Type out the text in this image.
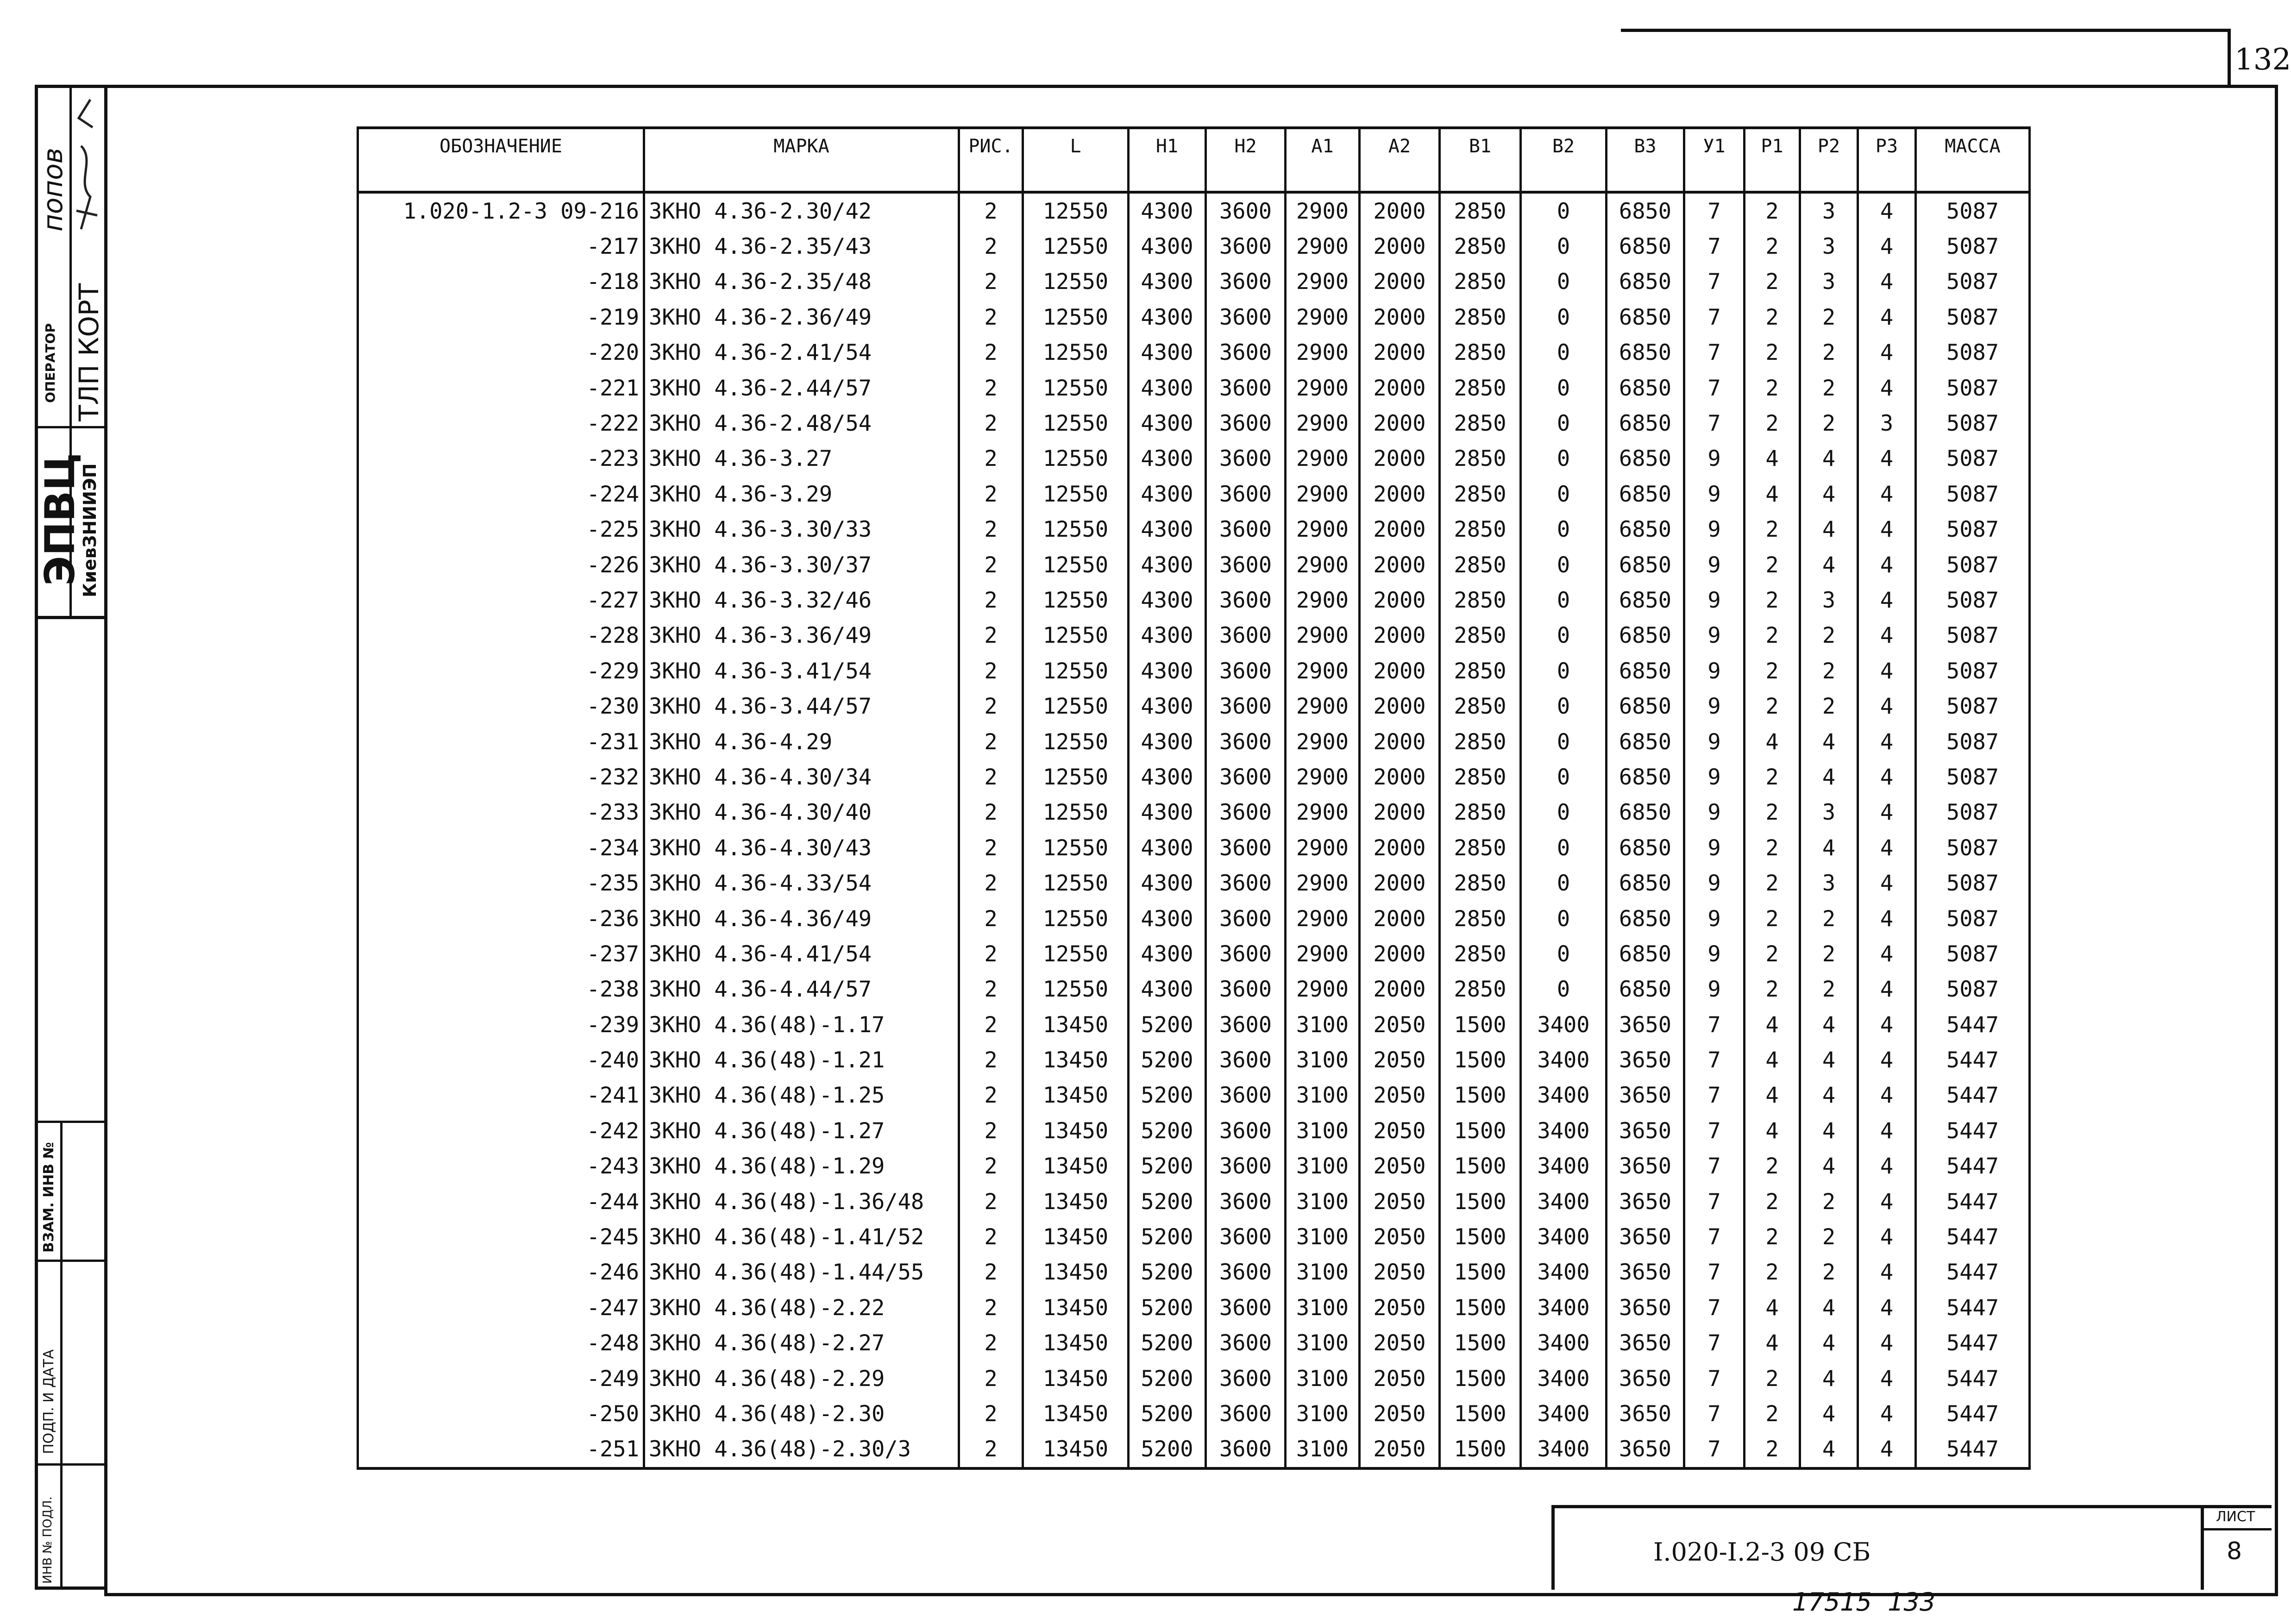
132
попов
ОПЕРАТОР ТЛП КОРТ
ЭПВЦ
КиевЗНИИЭП
ВЗАМ. ИНВ №
ПОДП. И ДАТА
ИНВ № ПОДЛ.
ОБОЗНАЧЕНИЕ	МАРКА	РИС.	L	H1	H2	A1	A2	B1	B2	B3	У1	P1	P2	P3	МАССА
1.020-1.2-3 09-216	ЗКНО 4.36-2.30/42	2	12550	4300	3600	2900	2000	2850	0	6850	7	2	3	4	5087
-217	ЗКНО 4.36-2.35/43	2	12550	4300	3600	2900	2000	2850	0	6850	7	2	3	4	5087
-218	ЗКНО 4.36-2.35/48	2	12550	4300	3600	2900	2000	2850	0	6850	7	2	3	4	5087
-219	ЗКНО 4.36-2.36/49	2	12550	4300	3600	2900	2000	2850	0	6850	7	2	2	4	5087
-220	ЗКНО 4.36-2.41/54	2	12550	4300	3600	2900	2000	2850	0	6850	7	2	2	4	5087
-221	ЗКНО 4.36-2.44/57	2	12550	4300	3600	2900	2000	2850	0	6850	7	2	2	4	5087
-222	ЗКНО 4.36-2.48/54	2	12550	4300	3600	2900	2000	2850	0	6850	7	2	2	3	5087
-223	ЗКНО 4.36-3.27	2	12550	4300	3600	2900	2000	2850	0	6850	9	4	4	4	5087
-224	ЗКНО 4.36-3.29	2	12550	4300	3600	2900	2000	2850	0	6850	9	4	4	4	5087
-225	ЗКНО 4.36-3.30/33	2	12550	4300	3600	2900	2000	2850	0	6850	9	2	4	4	5087
-226	ЗКНО 4.36-3.30/37	2	12550	4300	3600	2900	2000	2850	0	6850	9	2	4	4	5087
-227	ЗКНО 4.36-3.32/46	2	12550	4300	3600	2900	2000	2850	0	6850	9	2	3	4	5087
-228	ЗКНО 4.36-3.36/49	2	12550	4300	3600	2900	2000	2850	0	6850	9	2	2	4	5087
-229	ЗКНО 4.36-3.41/54	2	12550	4300	3600	2900	2000	2850	0	6850	9	2	2	4	5087
-230	ЗКНО 4.36-3.44/57	2	12550	4300	3600	2900	2000	2850	0	6850	9	2	2	4	5087
-231	ЗКНО 4.36-4.29	2	12550	4300	3600	2900	2000	2850	0	6850	9	4	4	4	5087
-232	ЗКНО 4.36-4.30/34	2	12550	4300	3600	2900	2000	2850	0	6850	9	2	4	4	5087
-233	ЗКНО 4.36-4.30/40	2	12550	4300	3600	2900	2000	2850	0	6850	9	2	3	4	5087
-234	ЗКНО 4.36-4.30/43	2	12550	4300	3600	2900	2000	2850	0	6850	9	2	4	4	5087
-235	ЗКНО 4.36-4.33/54	2	12550	4300	3600	2900	2000	2850	0	6850	9	2	3	4	5087
-236	ЗКНО 4.36-4.36/49	2	12550	4300	3600	2900	2000	2850	0	6850	9	2	2	4	5087
-237	ЗКНО 4.36-4.41/54	2	12550	4300	3600	2900	2000	2850	0	6850	9	2	2	4	5087
-238	ЗКНО 4.36-4.44/57	2	12550	4300	3600	2900	2000	2850	0	6850	9	2	2	4	5087
-239	ЗКНО 4.36(48)-1.17	2	13450	5200	3600	3100	2050	1500	3400	3650	7	4	4	4	5447
-240	ЗКНО 4.36(48)-1.21	2	13450	5200	3600	3100	2050	1500	3400	3650	7	4	4	4	5447
-241	ЗКНО 4.36(48)-1.25	2	13450	5200	3600	3100	2050	1500	3400	3650	7	4	4	4	5447
-242	ЗКНО 4.36(48)-1.27	2	13450	5200	3600	3100	2050	1500	3400	3650	7	4	4	4	5447
-243	ЗКНО 4.36(48)-1.29	2	13450	5200	3600	3100	2050	1500	3400	3650	7	2	4	4	5447
-244	ЗКНО 4.36(48)-1.36/48	2	13450	5200	3600	3100	2050	1500	3400	3650	7	2	2	4	5447
-245	ЗКНО 4.36(48)-1.41/52	2	13450	5200	3600	3100	2050	1500	3400	3650	7	2	2	4	5447
-246	ЗКНО 4.36(48)-1.44/55	2	13450	5200	3600	3100	2050	1500	3400	3650	7	2	2	4	5447
-247	ЗКНО 4.36(48)-2.22	2	13450	5200	3600	3100	2050	1500	3400	3650	7	4	4	4	5447
-248	ЗКНО 4.36(48)-2.27	2	13450	5200	3600	3100	2050	1500	3400	3650	7	4	4	4	5447
-249	ЗКНО 4.36(48)-2.29	2	13450	5200	3600	3100	2050	1500	3400	3650	7	2	4	4	5447
-250	ЗКНО 4.36(48)-2.30	2	13450	5200	3600	3100	2050	1500	3400	3650	7	2	4	4	5447
-251	ЗКНО 4.36(48)-2.30/3	2	13450	5200	3600	3100	2050	1500	3400	3650	7	2	4	4	5447
I.020-I.2-3 09 СБ
ЛИСТ
8
17515  133
